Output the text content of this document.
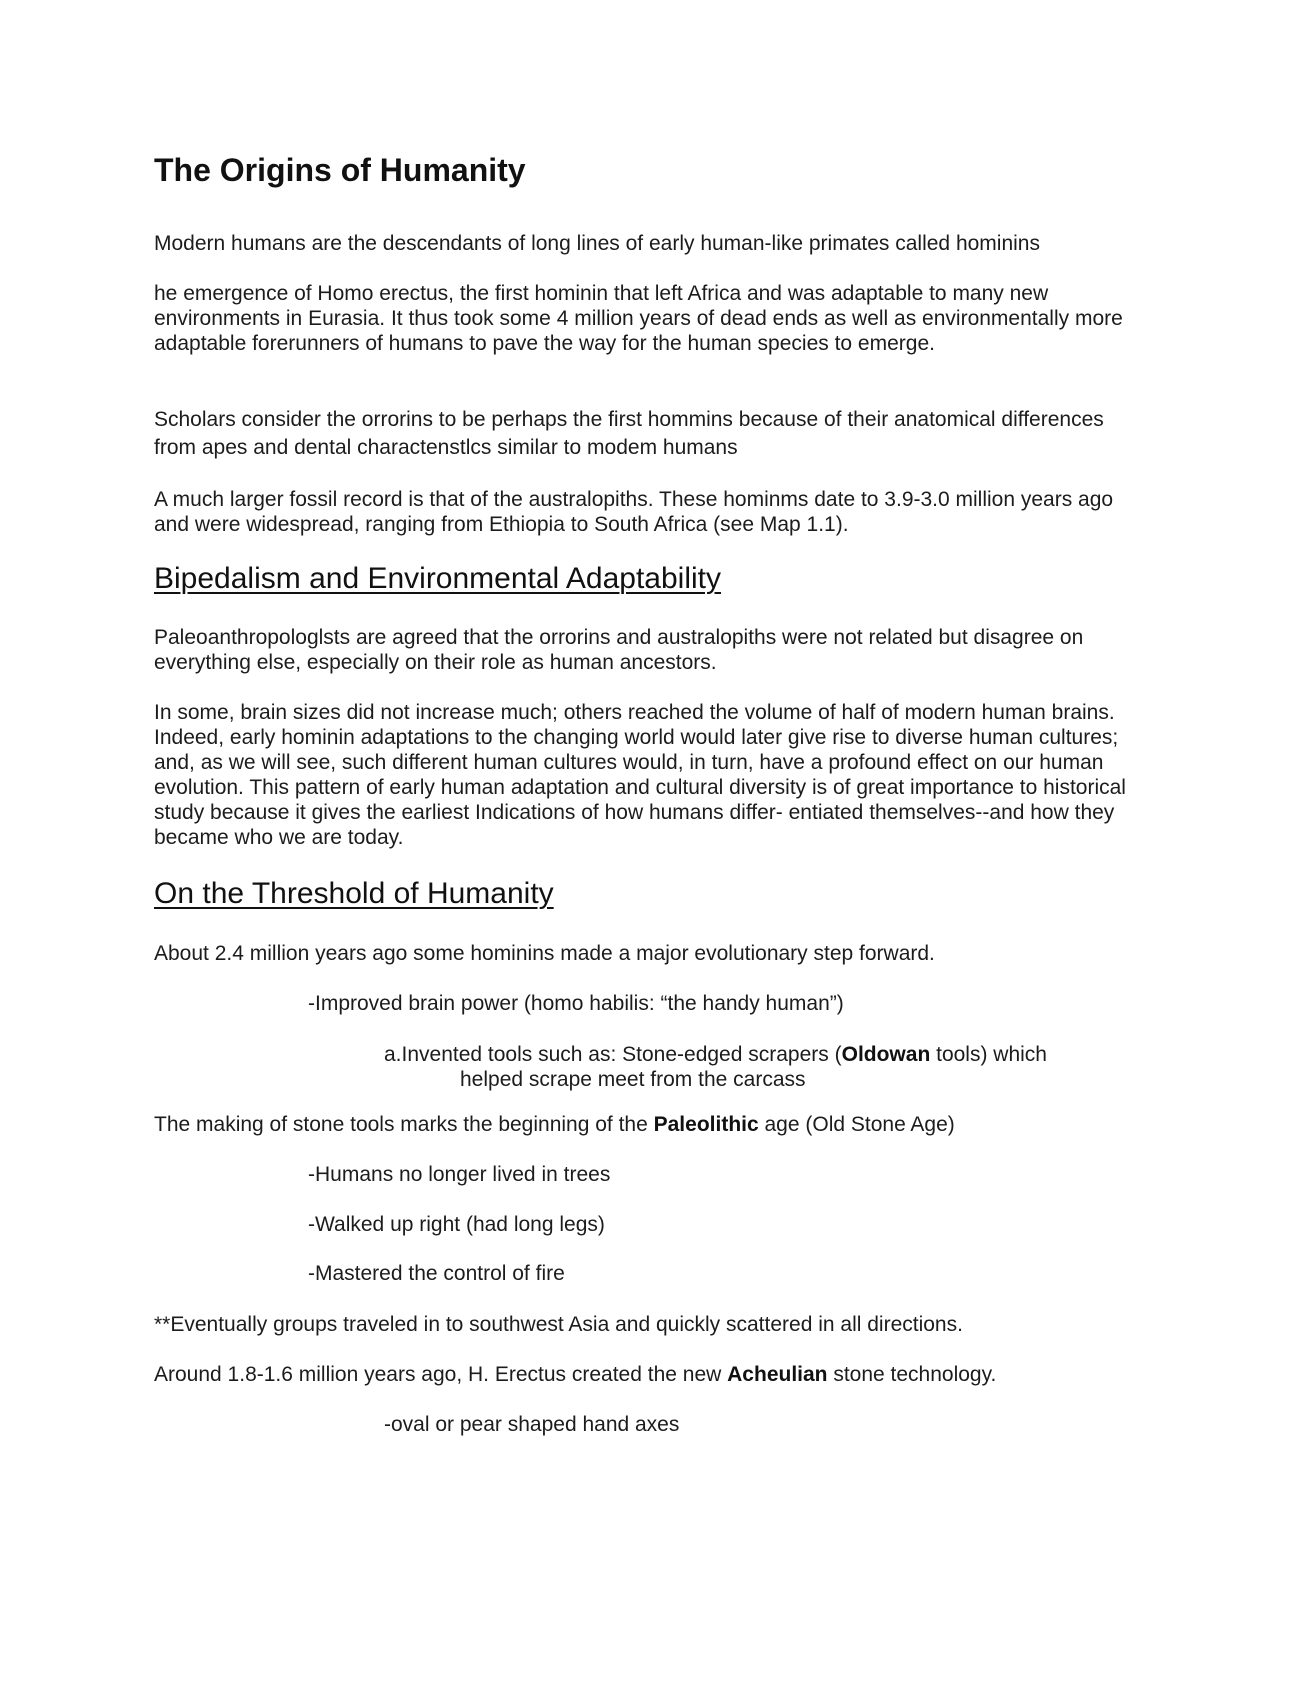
The Origins of Humanity

Modern humans are the descendants of long lines of early human-like primates called hominins

he emergence of Homo erectus, the first hominin that left Africa and was adaptable to many new environments in Eurasia. It thus took some 4 million years of dead ends as well as environmentally more adaptable forerunners of humans to pave the way for the human species to emerge.

Scholars consider the orrorins to be perhaps the first hommins because of their anatomical differences from apes and dental charactenstlcs similar to modem humans

A much larger fossil record is that of the australopiths. These hominms date to 3.9-3.0 million years ago and were widespread, ranging from Ethiopia to South Africa (see Map 1.1).

Bipedalism and Environmental Adaptability

Paleoanthropologlsts are agreed that the orrorins and australopiths were not related but disagree on everything else, especially on their role as human ancestors.

In some, brain sizes did not increase much; others reached the volume of half of modern human brains. Indeed, early hominin adaptations to the changing world would later give rise to diverse human cultures; and, as we will see, such different human cultures would, in turn, have a profound effect on our human evolution. This pattern of early human adaptation and cultural diversity is of great importance to historical study because it gives the earliest Indications of how humans differ- entiated themselves--and how they became who we are today.

On the Threshold of Humanity

About 2.4 million years ago some hominins made a major evolutionary step forward.

-Improved brain power (homo habilis: “the handy human”)

a.Invented tools such as: Stone-edged scrapers (Oldowan tools) which
helped scrape meet from the carcass

The making of stone tools marks the beginning of the Paleolithic age (Old Stone Age)

-Humans no longer lived in trees

-Walked up right (had long legs)

-Mastered the control of fire

**Eventually groups traveled in to southwest Asia and quickly scattered in all directions.

Around 1.8-1.6 million years ago, H. Erectus created the new Acheulian stone technology.

-oval or pear shaped hand axes
